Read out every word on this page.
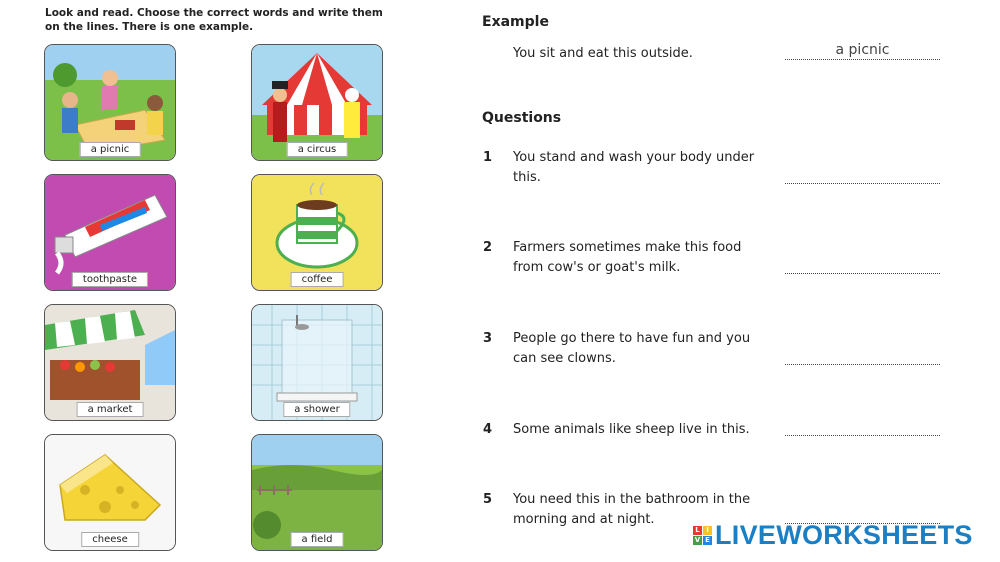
Look and read. Choose the correct words and write them on the lines. There is one example.
a picnic	a circus
toothpaste	coffee
a market	a shower
cheese	a field
Example
You sit and eat this outside.	a picnic
Questions
1 You stand and wash your body under this.
2 Farmers sometimes make this food from cow's or goat's milk.
3 People go there to have fun and you can see clowns.
4 Some animals like sheep live in this.
5 You need this in the bathroom in the morning and at night.
L I
V E LIVEWORKSHEETS
